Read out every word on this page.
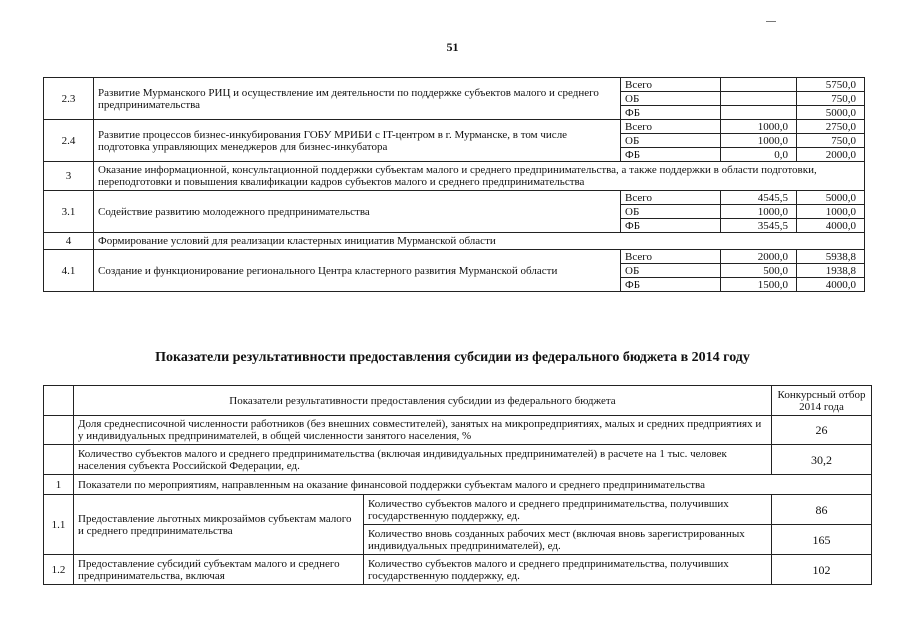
51
2.3	Развитие Мурманского РИЦ и осуществление им деятельности по поддержке субъектов малого и среднего предпринимательства	Всего		5750,0
		ОБ		750,0
		ФБ		5000,0
2.4	Развитие процессов бизнес-инкубирования ГОБУ МРИБИ с IT-центром в г. Мурманске, в том числе подготовка управляющих менеджеров для бизнес-инкубатора	Всего	1000,0	2750,0
		ОБ	1000,0	750,0
		ФБ	0,0	2000,0
3	Оказание информационной, консультационной поддержки субъектам малого и среднего предпринимательства, а также поддержки в области подготовки, переподготовки и повышения квалификации кадров субъектов малого и среднего предпринимательства			
3.1	Содействие развитию молодежного предпринимательства	Всего	4545,5	5000,0
		ОБ	1000,0	1000,0
		ФБ	3545,5	4000,0
4	Формирование условий для реализации кластерных инициатив Мурманской области			
4.1	Создание и функционирование регионального Центра кластерного развития Мурманской области	Всего	2000,0	5938,8
		ОБ	500,0	1938,8
		ФБ	1500,0	4000,0
Показатели результативности предоставления субсидии из федерального бюджета в 2014 году
	Показатели результативности предоставления субсидии из федерального бюджета		Конкурсный отбор 2014 года
	Доля среднесписочной численности работников (без внешних совместителей), занятых на микропредприятиях, малых и средних предприятиях и у индивидуальных предпринимателей, в общей численности занятого населения, %		26
	Количество субъектов малого и среднего предпринимательства (включая индивидуальных предпринимателей) в расчете на 1 тыс. человек населения субъекта Российской Федерации, ед.		30,2
1	Показатели по мероприятиям, направленным на оказание финансовой поддержки субъектам малого и среднего предпринимательства		
1.1	Предоставление льготных микрозаймов субъектам малого и среднего предпринимательства	Количество субъектов малого и среднего предпринимательства, получивших государственную поддержку, ед.	86
		Количество вновь созданных рабочих мест (включая вновь зарегистрированных индивидуальных предпринимателей), ед.	165
1.2	Предоставление субсидий субъектам малого и среднего предпринимательства, включая	Количество субъектов малого и среднего предпринимательства, получивших государственную поддержку, ед.	102
